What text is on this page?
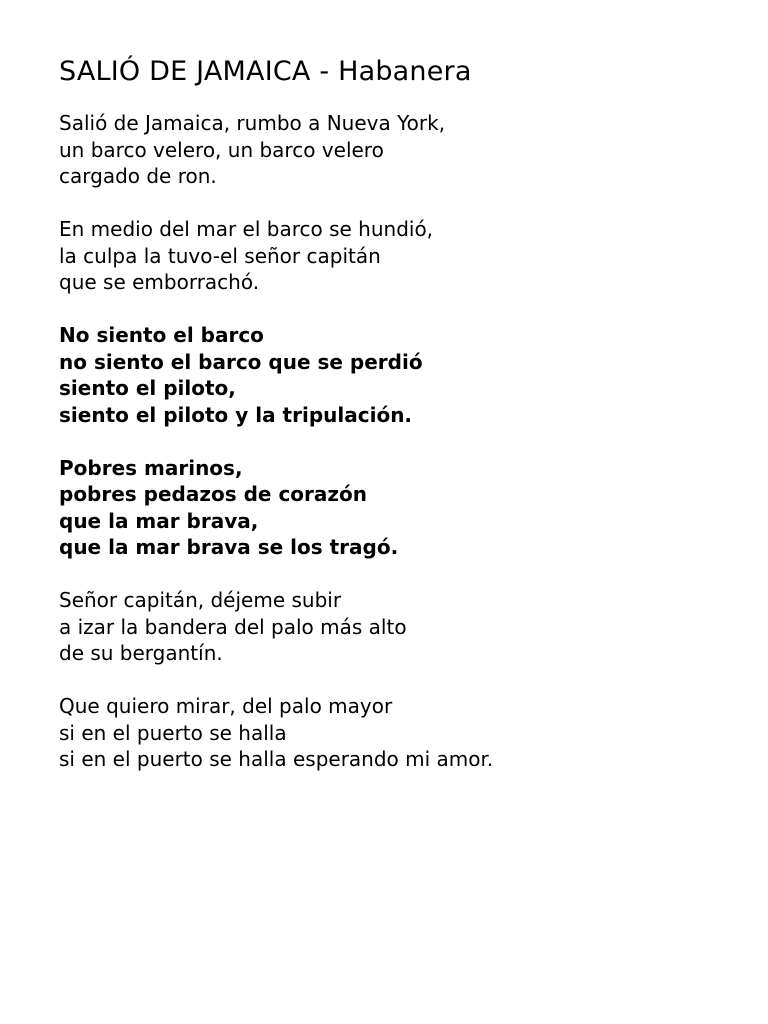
SALIÓ DE JAMAICA - Habanera

Salió de Jamaica, rumbo a Nueva York,
un barco velero, un barco velero
cargado de ron.

En medio del mar el barco se hundió,
la culpa la tuvo-el señor capitán
que se emborrachó.

No siento el barco
no siento el barco que se perdió
siento el piloto,
siento el piloto y la tripulación.

Pobres marinos,
pobres pedazos de corazón
que la mar brava,
que la mar brava se los tragó.

Señor capitán, déjeme subir
a izar la bandera del palo más alto
de su bergantín.

Que quiero mirar, del palo mayor
si en el puerto se halla
si en el puerto se halla esperando mi amor.
